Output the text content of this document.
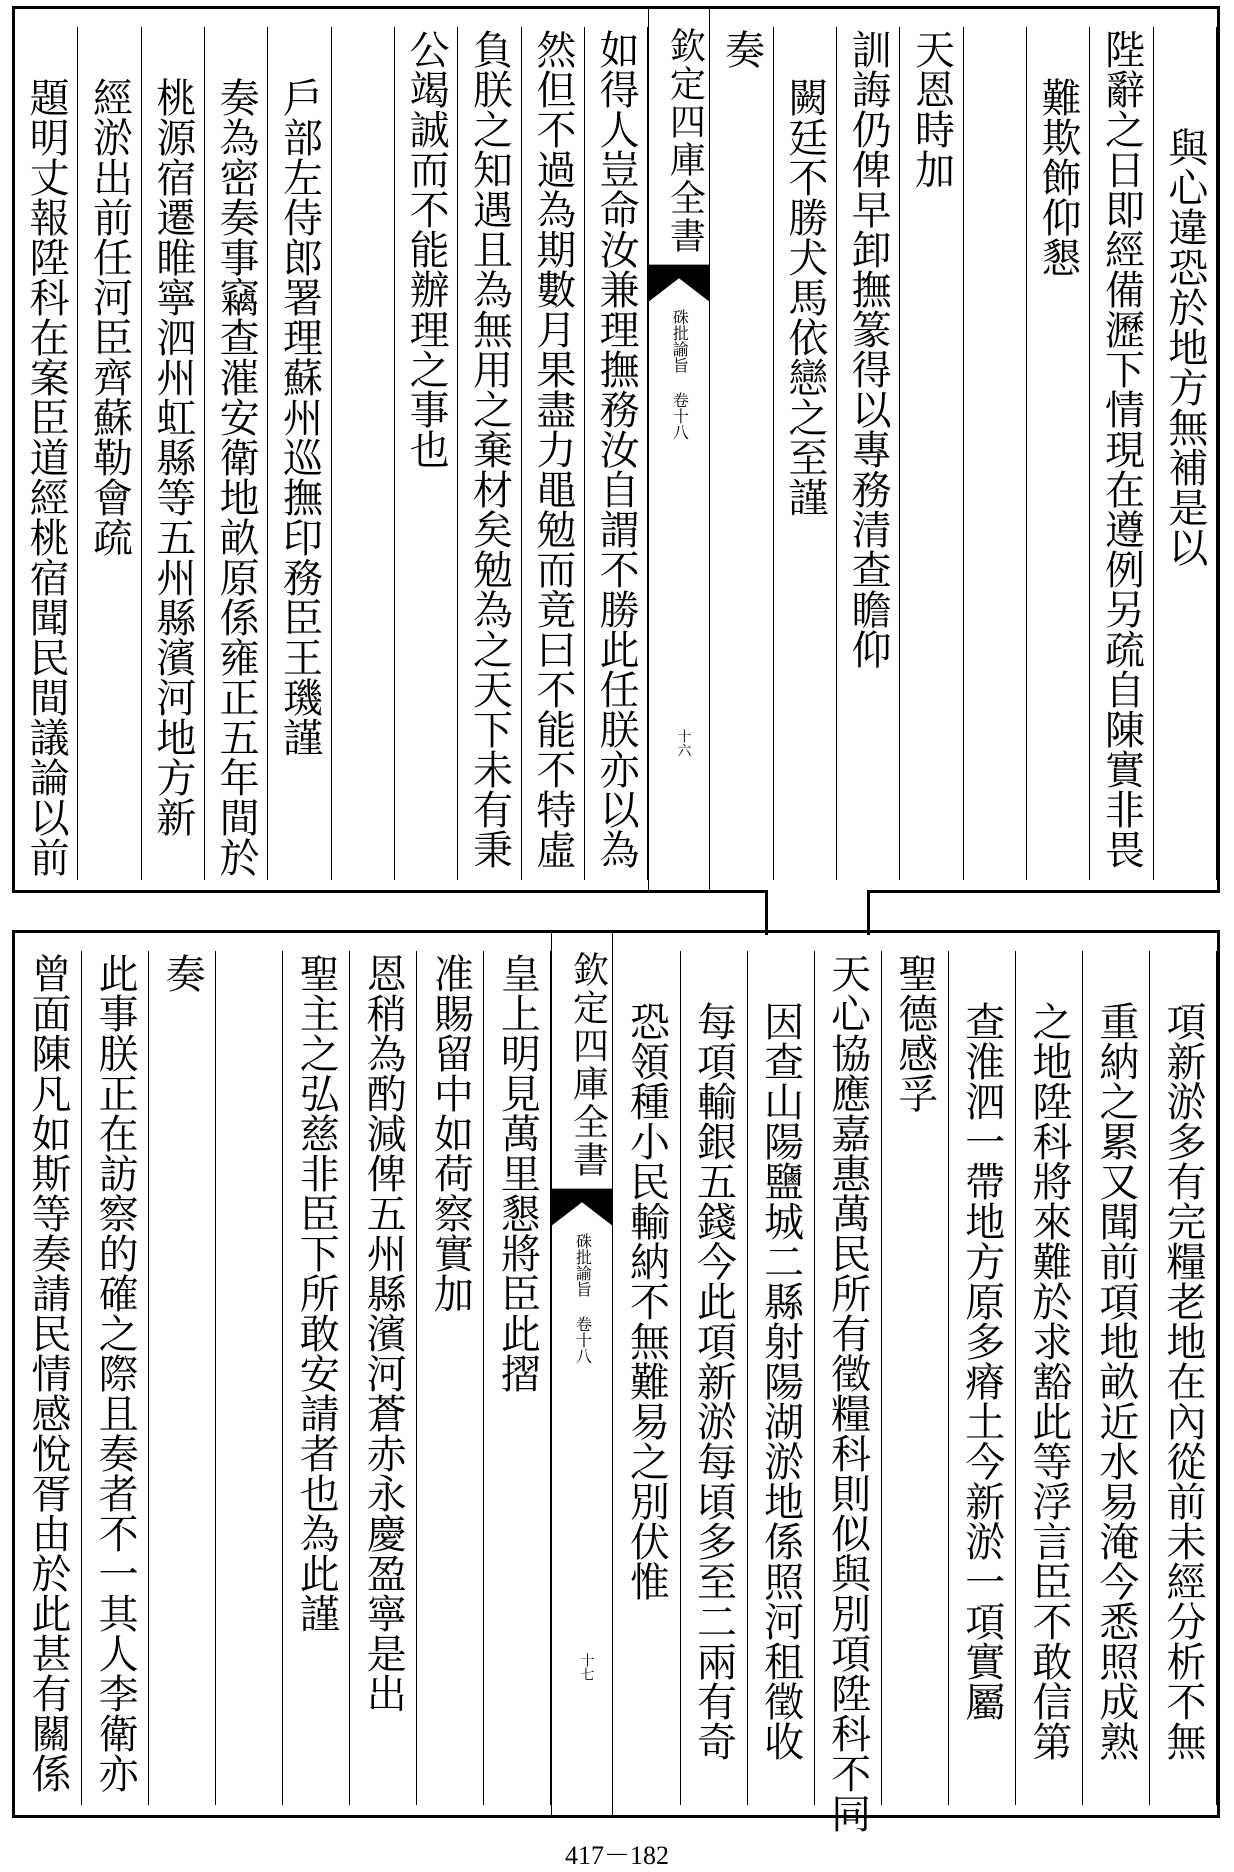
與心違恐於地方無補是以
陛辭之日即經備瀝下情現在遵例另疏自陳實非畏
難欺飾仰懇
天恩時加
訓誨仍俾早卸撫篆得以專務清查瞻仰
闕廷不勝犬馬依戀之至謹
奏
欽定四庫全書
硃批諭旨 卷十八
十六
如得人豈命汝兼理撫務汝自謂不勝此任朕亦以為
然但不過為期數月果盡力黽勉而竟曰不能不特虛
負朕之知遇且為無用之棄材矣勉為之天下未有秉
公竭誠而不能辦理之事也
戶部左侍郎署理蘇州巡撫印務臣王璣謹
奏為密奏事竊查漼安衛地畝原係雍正五年間於
桃源宿遷睢寧泗州虹縣等五州縣濱河地方新
經淤出前任河臣齊蘇勒會疏
題明丈報陞科在案臣道經桃宿聞民間議論以前
項新淤多有完糧老地在內從前未經分析不無
重納之累又聞前項地畝近水易淹今悉照成熟
之地陞科將來難於求豁此等浮言臣不敢信第
查淮泗一帶地方原多瘠土今新淤一項實屬
聖德感孚
天心協應嘉惠萬民所有徵糧科則似與別項陞科不同
因查山陽鹽城二縣射陽湖淤地係照河租徵收
每項輸銀五錢今此項新淤每頃多至二兩有奇
恐領種小民輸納不無難易之別伏惟
欽定四庫全書
硃批諭旨 卷十八
十七
皇上明見萬里懇將臣此摺
准賜留中如荷察實加
恩稍為酌減俾五州縣濱河蒼赤永慶盈寧是出
聖主之弘慈非臣下所敢安請者也為此謹
奏
此事朕正在訪察的確之際且奏者不一其人李衛亦
曾面陳凡如斯等奏請民情感悅胥由於此甚有關係
417－182
